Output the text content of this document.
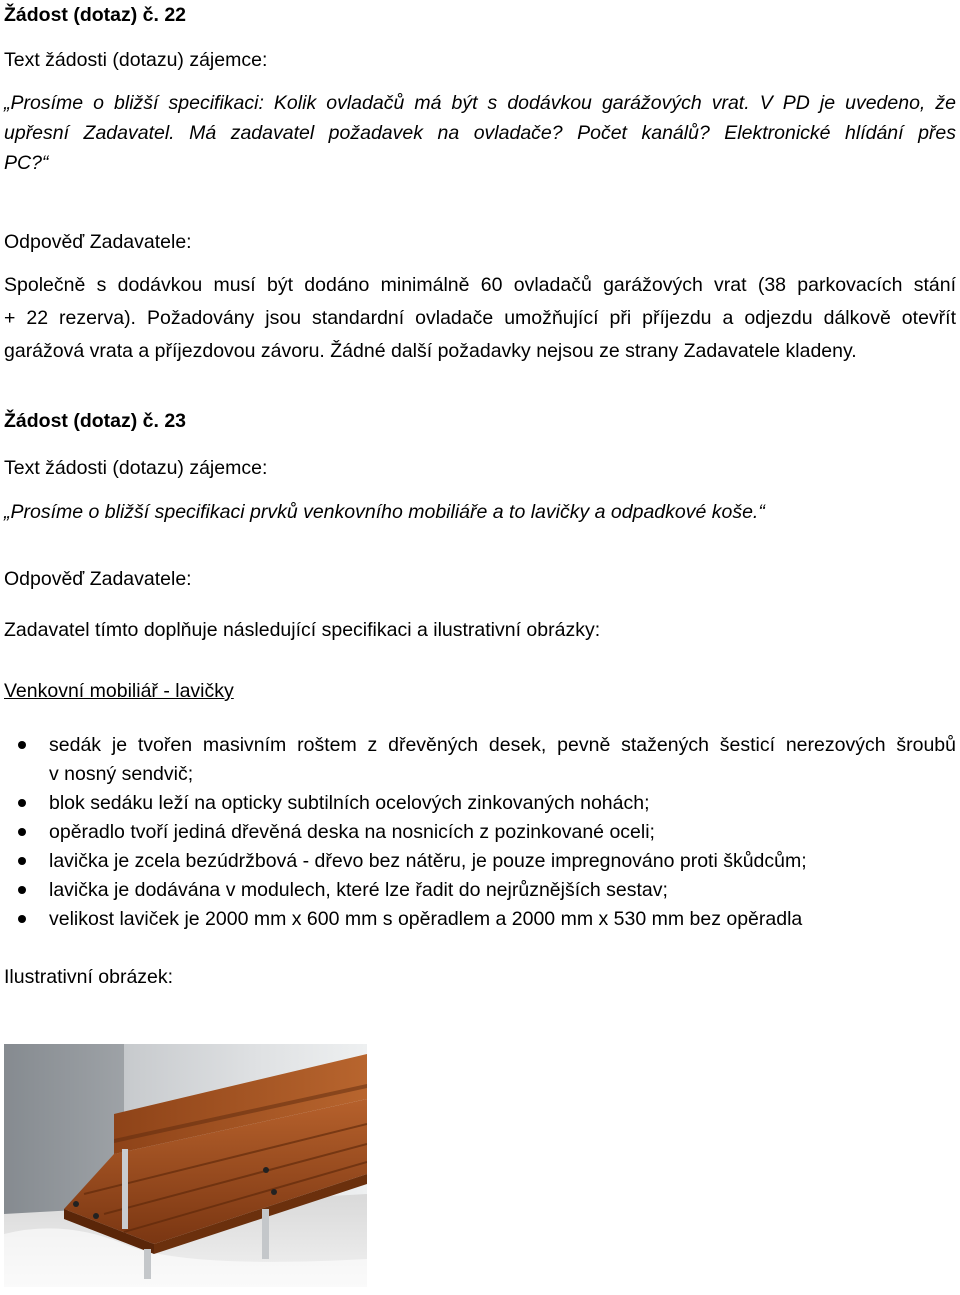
Žádost (dotaz) č. 22
Text žádosti (dotazu) zájemce:
„Prosíme o bližší specifikaci: Kolik ovladačů má být s dodávkou garážových vrat. V PD je uvedeno, že
upřesní Zadavatel. Má zadavatel požadavek na ovladače? Počet kanálů? Elektronické hlídání přes
PC?“
Odpověď Zadavatele:
Společně s dodávkou musí být dodáno minimálně 60 ovladačů garážových vrat (38 parkovacích stání
+ 22 rezerva). Požadovány jsou standardní ovladače umožňující při příjezdu a odjezdu dálkově otevřít
garážová vrata a příjezdovou závoru. Žádné další požadavky nejsou ze strany Zadavatele kladeny.
Žádost (dotaz) č. 23
Text žádosti (dotazu) zájemce:
„Prosíme o bližší specifikaci prvků venkovního mobiliáře a to lavičky a odpadkové koše.“
Odpověď Zadavatele:
Zadavatel tímto doplňuje následující specifikaci a ilustrativní obrázky:
Venkovní mobiliář - lavičky
sedák je tvořen masivním roštem z dřevěných desek, pevně stažených šesticí nerezových šroubů
v nosný sendvič;
blok sedáku leží na opticky subtilních ocelových zinkovaných nohách;
opěradlo tvoří jediná dřevěná deska na nosnicích z pozinkované oceli;
lavička je zcela bezúdržbová - dřevo bez nátěru, je pouze impregnováno proti škůdcům;
lavička je dodávána v modulech, které lze řadit do nejrůznějších sestav;
velikost laviček je 2000 mm x 600 mm s opěradlem a 2000 mm x 530 mm bez opěradla
Ilustrativní obrázek:
